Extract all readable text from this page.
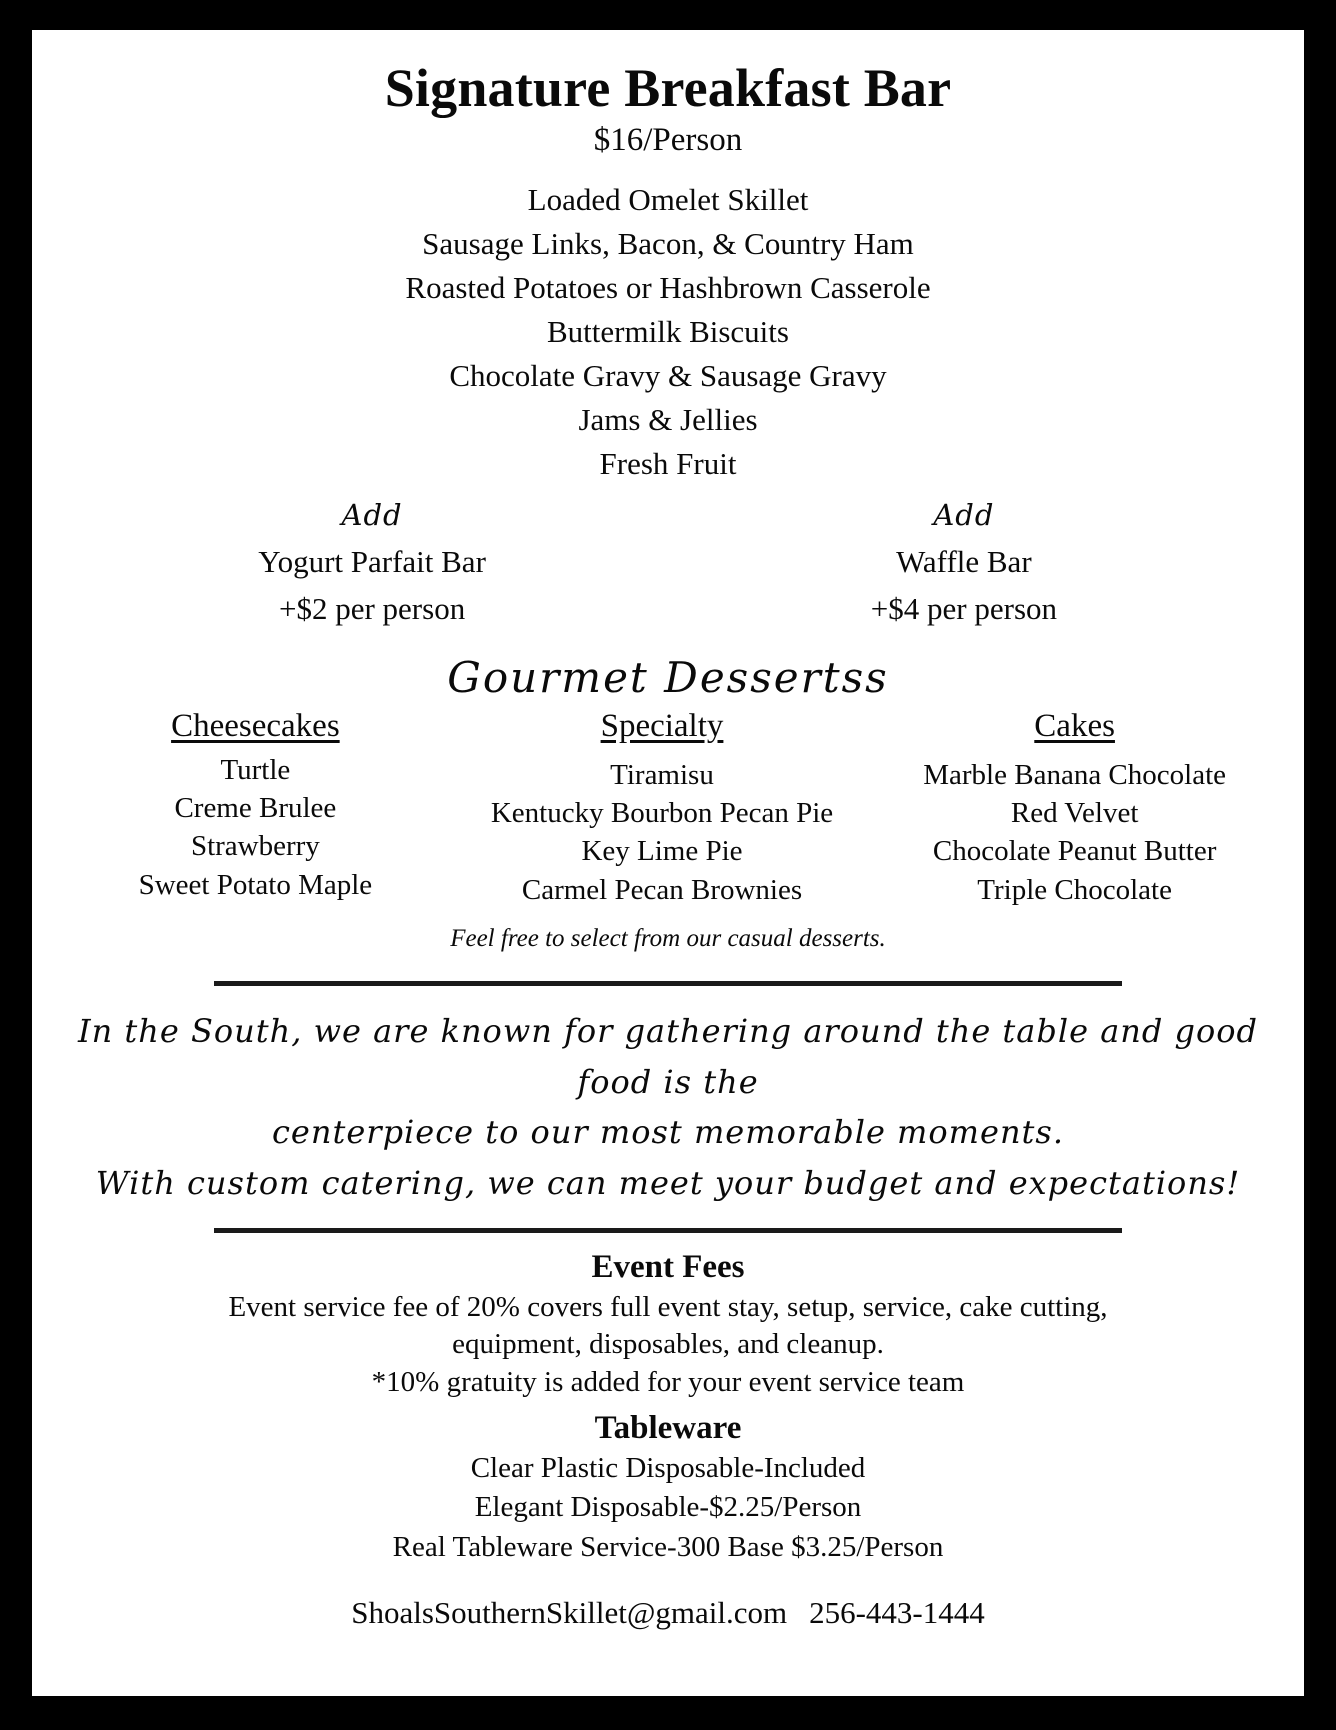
Signature Breakfast Bar
$16/Person
Loaded Omelet Skillet
Sausage Links, Bacon, & Country Ham
Roasted Potatoes or Hashbrown Casserole
Buttermilk Biscuits
Chocolate Gravy & Sausage Gravy
Jams & Jellies
Fresh Fruit
Add
Yogurt Parfait Bar
+$2 per person
Add
Waffle Bar
+$4 per person
Gourmet Dessertss
Cheesecakes
Turtle
Creme Brulee
Strawberry
Sweet Potato Maple
Specialty
Tiramisu
Kentucky Bourbon Pecan Pie
Key Lime Pie
Carmel Pecan Brownies
Cakes
Marble Banana Chocolate
Red Velvet
Chocolate Peanut Butter
Triple Chocolate
Feel free to select from our casual desserts.

In the South, we are known for gathering around the table and good food is the

centerpiece to our most memorable moments.

With custom catering, we can meet your budget and expectations!

Event Fees
Event service fee of 20% covers full event stay, setup, service, cake cutting,
equipment, disposables, and cleanup.
*10% gratuity is added for your event service team
Tableware
Clear Plastic Disposable-Included
Elegant Disposable-$2.25/Person
Real Tableware Service-300 Base $3.25/Person
ShoalsSouthernSkillet@gmail.com 256-443-1444
